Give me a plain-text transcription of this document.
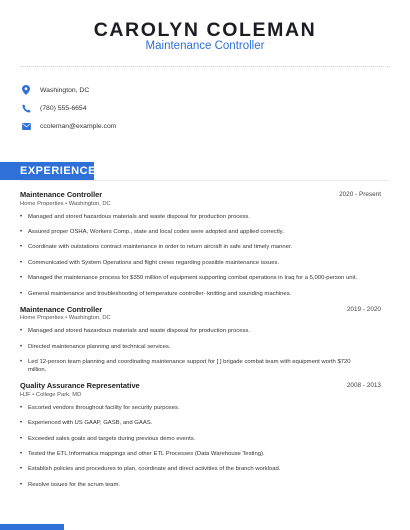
CAROLYN COLEMAN
Maintenance Controller
Washington, DC
(780) 555-6654
ccoleman@example.com
EXPERIENCE
Maintenance Controller	2020 - Present
Home Properties • Washington, DC
• Managed and stored hazardous materials and waste disposal for production process.
• Assured proper OSHA, Workers Comp., state and local codes were adopted and applied correctly.
• Coordinate with outstations contract maintenance in order to return aircraft in safe and timely manner.
• Communicated with System Operations and flight crews regarding possible maintenance issues.
• Managed the maintenance process for $350 million of equipment supporting combat operations in Iraq for a 5,000-person unit.
• General maintenance and troubleshooting of temperature controller- knitting and sounding machines.
Maintenance Controller	2019 - 2020
Home Properties • Washington, DC
• Managed and stored hazardous materials and waste disposal for production process.
• Directed maintenance planning and technical services.
• Led 12-person team planning and coordinating maintenance support for [ ] brigade combat team with equipment worth $720
million.
Quality Assurance Representative	2008 - 2013
HJF • College Park, MD
• Escorted vendors throughout facility for security purposes.
• Experienced with US GAAP, GASB, and GAAS.
• Exceeded sales goals and targets during previous demo events.
• Tested the ETL Informatica mappings and other ETL Processes (Data Warehouse Testing).
• Establish policies and procedures to plan, coordinate and direct activities of the branch workload.
• Resolve issues for the scrum team.
